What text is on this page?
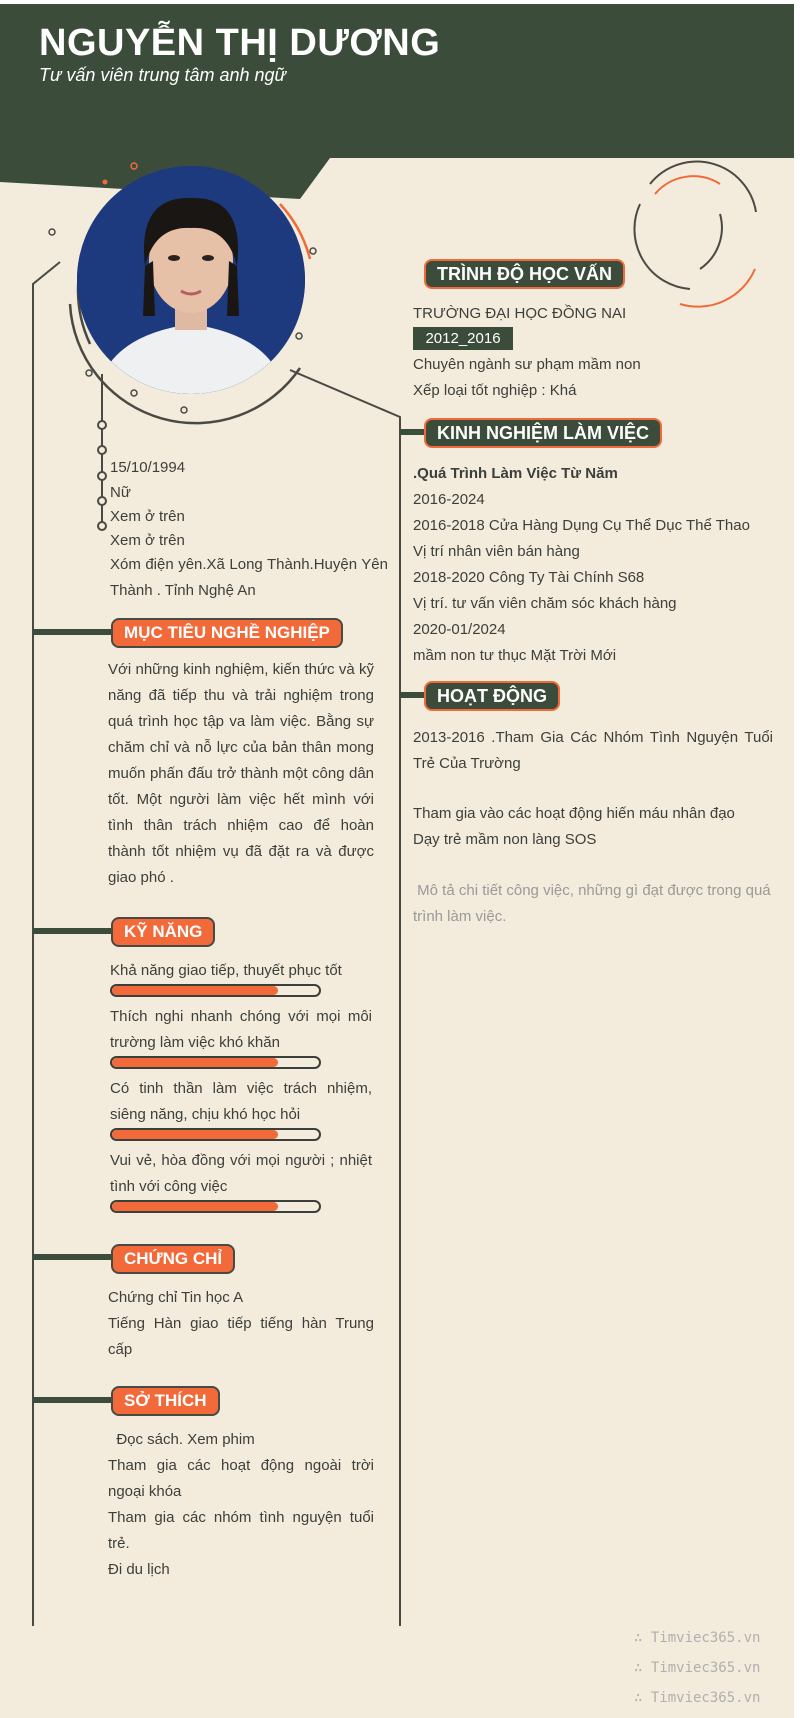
NGUYỄN THỊ DƯƠNG
Tư vấn viên trung tâm anh ngữ
15/10/1994
Nữ
Xem ở trên
Xem ở trên
Xóm điện yên.Xã Long Thành.Huyện Yên Thành . Tỉnh Nghệ An
MỤC TIÊU NGHỀ NGHIỆP
Với những kinh nghiệm, kiến thức và kỹ năng đã tiếp thu và trải nghiệm trong quá trình học tập va làm việc. Bằng sự chăm chỉ và nỗ lực của bản thân mong muốn phấn đấu trở thành một công dân tốt. Một người làm việc hết mình với tình thân trách nhiệm cao để hoàn thành tốt nhiệm vụ đã đặt ra và được giao phó .
KỸ NĂNG
Khả năng giao tiếp, thuyết phục tốt
Thích nghi nhanh chóng với mọi môi trường làm việc khó khăn
Có tinh thần làm việc trách nhiệm, siêng năng, chịu khó học hỏi
Vui vẻ, hòa đồng với mọi người ; nhiệt tình với công việc
CHỨNG CHỈ
Chứng chỉ Tin học A
Tiếng Hàn giao tiếp tiếng hàn Trung cấp
SỞ THÍCH
Đọc sách. Xem phim
Tham gia các hoạt động ngoài trời ngoại khóa
Tham gia các nhóm tình nguyện tuổi trẻ.
Đi du lịch
TRÌNH ĐỘ HỌC VẤN
TRƯỜNG ĐẠI HỌC ĐỒNG NAI
2012_2016
Chuyên ngành sư phạm mầm non
Xếp loại tốt nghiệp : Khá
KINH NGHIỆM LÀM VIỆC
.Quá Trình Làm Việc Từ Năm
2016-2024
2016-2018 Cửa Hàng Dụng Cụ Thể Dục Thể Thao
Vị trí nhân viên bán hàng
2018-2020 Công Ty Tài Chính S68
Vị trí. tư vấn viên chăm sóc khách hàng
2020-01/2024
mầm non tư thục Mặt Trời Mới
HOẠT ĐỘNG
2013-2016 .Tham Gia Các Nhóm Tình Nguyện Tuổi Trẻ Của Trường
Tham gia vào các hoạt động hiến máu nhân đạo
Dạy trẻ mầm non làng SOS
Mô tả chi tiết công việc, những gì đạt được trong quá trình làm việc.
∴ Timviec365.vn
∴ Timviec365.vn
∴ Timviec365.vn
